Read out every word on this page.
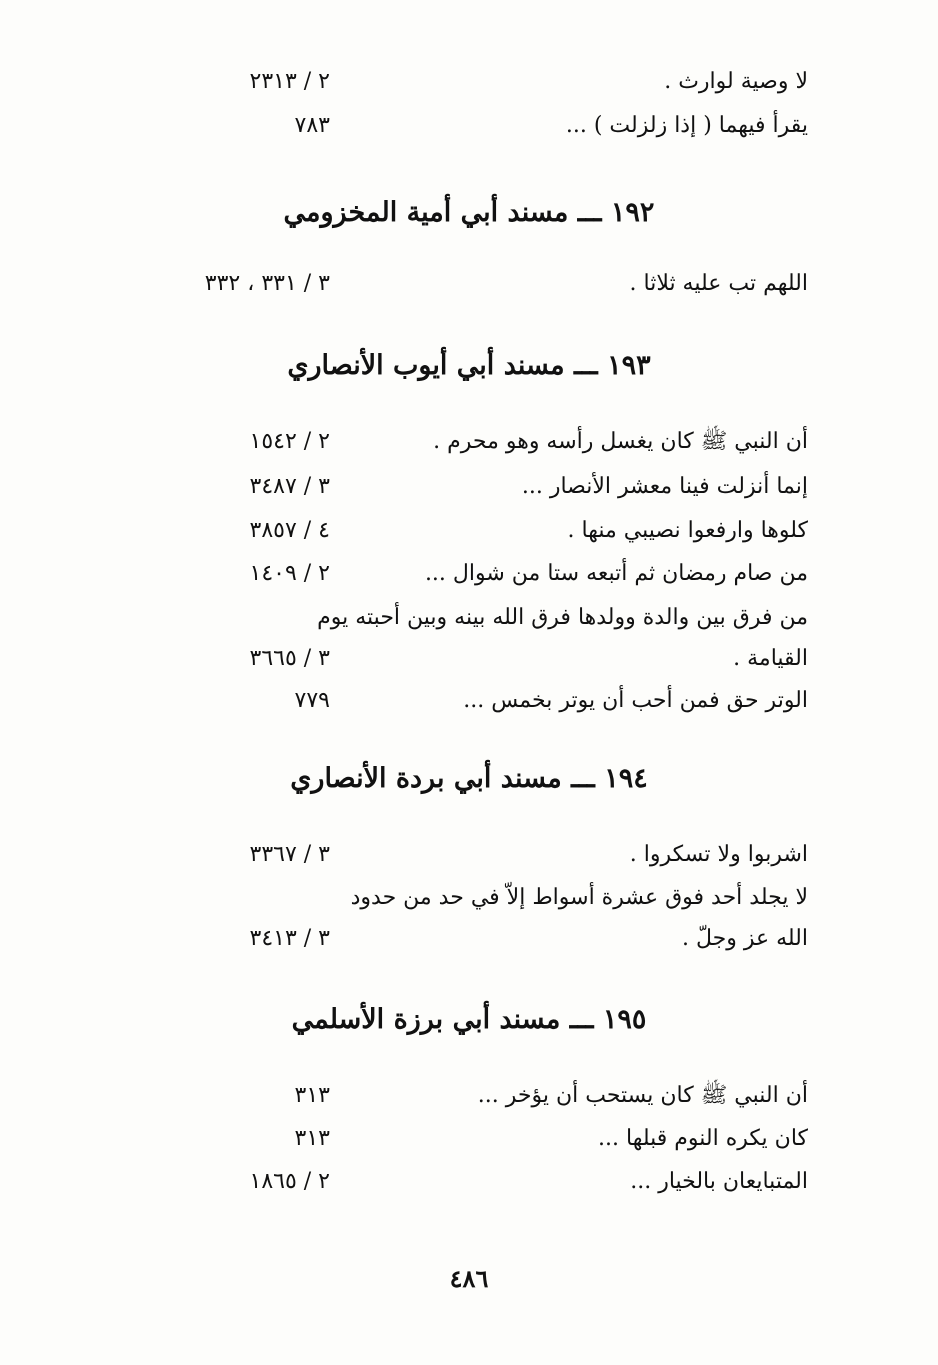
لا وصية لوارث .
٢ / ٢٣١٣
يقرأ فيهما ( إذا زلزلت ) ...
٧٨٣
١٩٢ ـــ مسند أبي أمية المخزومي
اللهم تب عليه ثلاثا .
٣ / ٣٣١ ، ٣٣٢
١٩٣ ـــ مسند أبي أيوب الأنصاري
أن النبي ﷺ كان يغسل رأسه وهو محرم .
٢ / ١٥٤٢
إنما أنزلت فينا معشر الأنصار ...
٣ / ٣٤٨٧
كلوها وارفعوا نصيبي منها .
٤ / ٣٨٥٧
من صام رمضان ثم أتبعه ستا من شوال ...
٢ / ١٤٠٩
من فرق بين والدة وولدها فرق الله بينه وبين أحبته يوم
القيامة .
٣ / ٣٦٦٥
الوتر حق فمن أحب أن يوتر بخمس ...
٧٧٩
١٩٤ ـــ مسند أبي بردة الأنصاري
اشربوا ولا تسكروا .
٣ / ٣٣٦٧
لا يجلد أحد فوق عشرة أسواط إلاّ في حد من حدود
الله عز وجلّ .
٣ / ٣٤١٣
١٩٥ ـــ مسند أبي برزة الأسلمي
أن النبي ﷺ كان يستحب أن يؤخر ...
٣١٣
كان يكره النوم قبلها ...
٣١٣
المتبايعان بالخيار ...
٢ / ١٨٦٥
٤٨٦
